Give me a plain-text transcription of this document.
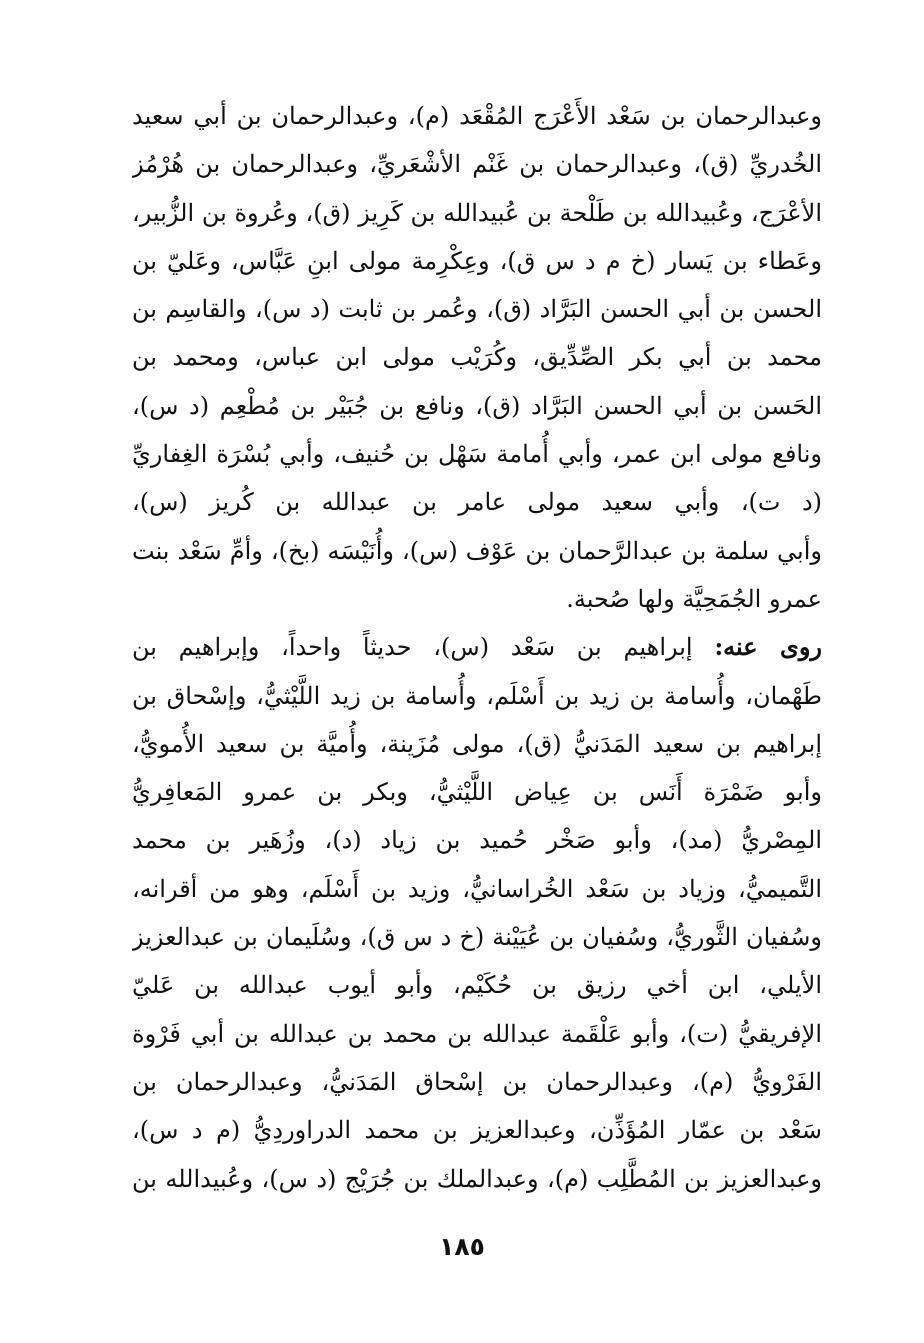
وعبدالرحمان بن سَعْد الأَعْرَج المُقْعَد (م)، وعبدالرحمان بن أبي سعيد
الخُدريِّ (ق)، وعبدالرحمان بن غَنْم الأشْعَريِّ، وعبدالرحمان بن هُرْمُز
الأعْرَج، وعُبيدالله بن طَلْحة بن عُبيدالله بن كَرِيز (ق)، وعُروة بن الزُّبير،
وعَطاء بن يَسار (خ م د س ق)، وعِكْرِمة مولى ابنِ عَبَّاس، وعَليّ بن
الحسن بن أبي الحسن البَرَّاد (ق)، وعُمر بن ثابت (د س)، والقاسِم بن
محمد بن أبي بكر الصِّدِّيق، وكُرَيْب مولى ابن عباس، ومحمد بن
الحَسن بن أبي الحسن البَرَّاد (ق)، ونافع بن جُبَيْر بن مُطْعِم (د س)،
ونافع مولى ابن عمر، وأبي أُمامة سَهْل بن حُنيف، وأبي بُسْرَة الغِفاريِّ
(د ت)، وأبي سعيد مولى عامر بن عبدالله بن كُريز (س)،
وأبي سلمة بن عبدالرَّحمان بن عَوْف (س)، وأُنَيْسَه (بخ)، وأمِّ سَعْد بنت
عمرو الجُمَحِيَّة ولها صُحبة.
روى عنه: إبراهيم بن سَعْد (س)، حديثاً واحداً، وإبراهيم بن
طَهْمان، وأُسامة بن زيد بن أَسْلَم، وأُسامة بن زيد اللَّيْثيُّ، وإسْحاق بن
إبراهيم بن سعيد المَدَنيُّ (ق)، مولى مُزَينة، وأُميَّة بن سعيد الأُمويُّ،
وأبو ضَمْرَة أَنَس بن عِياض اللَّيْثيُّ، وبكر بن عمرو المَعافِريُّ
المِصْريُّ (مد)، وأبو صَخْر حُميد بن زياد (د)، وزُهَير بن محمد
التَّميميُّ، وزياد بن سَعْد الخُراسانيُّ، وزيد بن أَسْلَم، وهو من أقرانه،
وسُفيان الثَّوريُّ، وسُفيان بن عُيَيْنة (خ د س ق)، وسُلَيمان بن عبدالعزيز
الأيلي، ابن أخي رزيق بن حُكَيْم، وأبو أيوب عبدالله بن عَليّ
الإفريقيُّ (ت)، وأبو عَلْقَمة عبدالله بن محمد بن عبدالله بن أبي فَرْوة
الفَرْويُّ (م)، وعبدالرحمان بن إسْحاق المَدَنيُّ، وعبدالرحمان بن
سَعْد بن عمّار المُؤَذِّن، وعبدالعزيز بن محمد الدراوردِيُّ (م د س)،
وعبدالعزيز بن المُطَّلِب (م)، وعبدالملك بن جُرَيْج (د س)، وعُبيدالله بن
١٨٥
